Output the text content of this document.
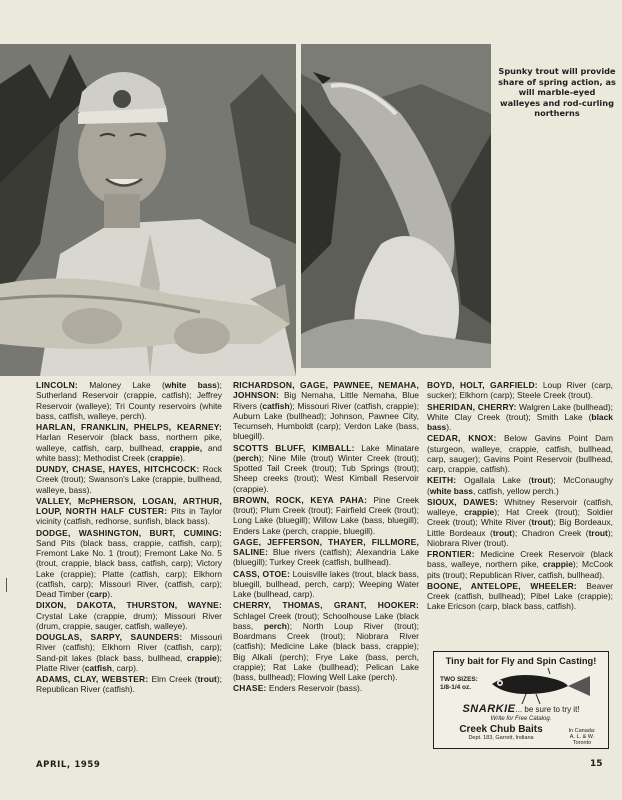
Spunky trout will provide share of spring action, as will marble-eyed walleyes and rod-curling northerns
LINCOLN: Maloney Lake (white bass); Sutherland Reservoir (crappie, catfish); Jeffrey Reservoir (walleye); Tri County reservoirs (white bass, catfish, walleye, perch).
HARLAN, FRANKLIN, PHELPS, KEARNEY: Harlan Reservoir (black bass, northern pike, walleye, catfish, carp, bullhead, crappie, and white bass); Methodist Creek (crappie).
DUNDY, CHASE, HAYES, HITCHCOCK: Rock Creek (trout); Swanson's Lake (crappie, bullhead, walleye, bass).
VALLEY, McPHERSON, LOGAN, ARTHUR, LOUP, NORTH HALF CUSTER: Pits in Taylor vicinity (catfish, redhorse, sunfish, black bass).
DODGE, WASHINGTON, BURT, CUMING: Sand Pits (black bass, crappie, catfish, carp); Fremont Lake No. 1 (trout); Fremont Lake No. 5 (trout, crappie, black bass, catfish, carp); Victory Lake (crappie); Platte (catfish, carp); Elkhorn (catfish, carp); Missouri River, (catfish, carp); Dead Timber (carp).
DIXON, DAKOTA, THURSTON, WAYNE: Crystal Lake (crappie, drum); Missouri River (drum, crappie, sauger, catfish, walleye).
DOUGLAS, SARPY, SAUNDERS: Missouri River (catfish); Elkhorn River (catfish, carp); Sand-pit lakes (black bass, bullhead, crappie); Platte River (catfish, carp).
ADAMS, CLAY, WEBSTER: Elm Creek (trout); Republican River (catfish).
RICHARDSON, GAGE, PAWNEE, NEMAHA, JOHNSON: Big Nemaha, Little Nemaha, Blue Rivers (catfish); Missouri River (catfish, crappie); Auburn Lake (bullhead); Johnson, Pawnee City, Tecumseh, Humboldt (carp); Verdon Lake (bass, bluegill).
SCOTTS BLUFF, KIMBALL: Lake Minatare (perch); Nine Mile (trout) Winter Creek (trout); Spotted Tail Creek (trout); Tub Springs (trout); Sheep creeks (trout); West Kimball Reservoir (crappie).
BROWN, ROCK, KEYA PAHA: Pine Creek (trout); Plum Creek (trout); Fairfield Creek (trout); Long Lake (bluegill); Willow Lake (bass, bluegill); Enders Lake (perch, crappie, bluegill).
GAGE, JEFFERSON, THAYER, FILLMORE, SALINE: Blue rivers (catfish); Alexandria Lake (bluegill); Turkey Creek (catfish, bullhead).
CASS, OTOE: Louisville lakes (trout, black bass, bluegill, bullhead, perch, carp); Weeping Water Lake (bullhead, carp).
CHERRY, THOMAS, GRANT, HOOKER: Schlagel Creek (trout); Schoolhouse Lake (black bass, perch); North Loup River (trout); Boardmans Creek (trout); Niobrara River (catfish); Medicine Lake (black bass, crappie); Big Alkali (perch); Frye Lake (bass, perch, crappie); Rat Lake (bullhead); Pelican Lake (bass, bullhead); Flowing Well Lake (perch).
CHASE: Enders Reservoir (bass).
BOYD, HOLT, GARFIELD: Loup River (carp, sucker); Elkhorn (carp); Steele Creek (trout).
SHERIDAN, CHERRY: Walgren Lake (bullhead); White Clay Creek (trout); Smith Lake (black bass).
CEDAR, KNOX: Below Gavins Point Dam (sturgeon, walleye, crappie, catfish, bullhead, carp, sauger); Gavins Point Reservoir (bullhead, carp, crappie, catfish).
KEITH: Ogallala Lake (trout); McConaughy (white bass, catfish, yellow perch.)
SIOUX, DAWES: Whitney Reservoir (catfish, walleye, crappie); Hat Creek (trout); Soldier Creek (trout); White River (trout); Big Bordeaux, Little Bordeaux (trout); Chadron Creek (trout); Niobrara River (trout).
FRONTIER: Medicine Creek Reservoir (black bass, walleye, northern pike, crappie); McCook pits (trout); Republican River, catfish, bullhead).
BOONE, ANTELOPE, WHEELER: Beaver Creek (catfish, bullhead); Pibel Lake (crappie); Lake Ericson (carp, black bass, catfish).
Tiny bait for Fly and Spin Casting!
TWO SIZES:
1/8-1/4 oz.
SNARKIE... be sure to try it!
Write for Free Catalog.
Creek Chub Baits
Dept. 183, Garrett, Indiana
In Canada:
A. L. & W.
Toronto
APRIL, 1959	15
